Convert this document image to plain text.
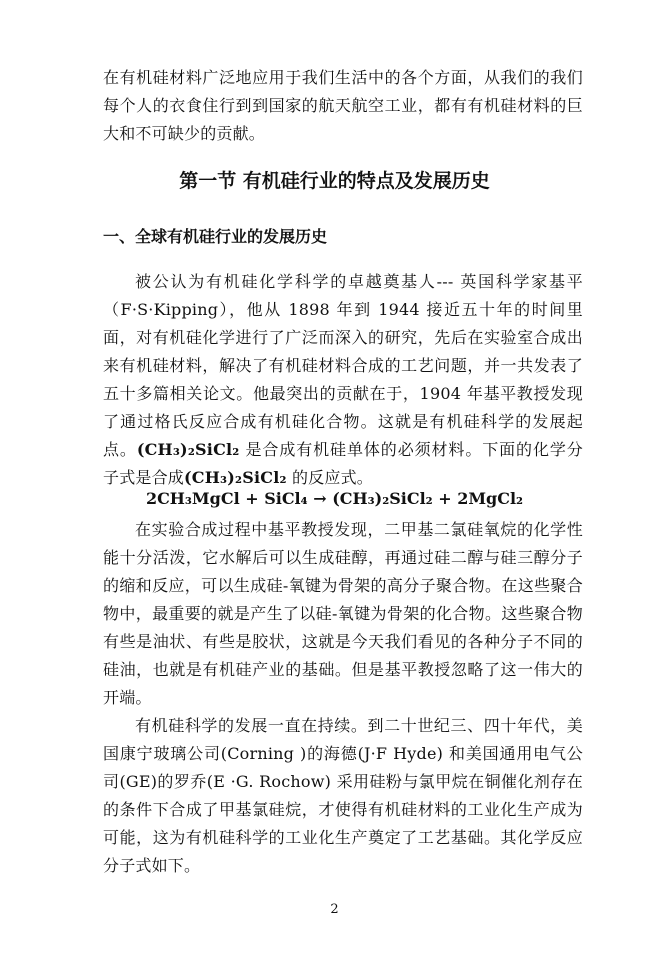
在有机硅材料广泛地应用于我们生活中的各个方面，从我们的我们每个人的衣食住行到到国家的航天航空工业，都有有机硅材料的巨大和不可缺少的贡献。

第一节 有机硅行业的特点及发展历史
一、全球有机硅行业的发展历史

被公认为有机硅化学科学的卓越奠基人--- 英国科学家基平（F·S·Kipping），他从 1898 年到 1944 接近五十年的时间里面，对有机硅化学进行了广泛而深入的研究，先后在实验室合成出来有机硅材料，解决了有机硅材料合成的工艺问题，并一共发表了五十多篇相关论文。他最突出的贡献在于，1904 年基平教授发现了通过格氏反应合成有机硅化合物。这就是有机硅科学的发展起点。(CH₃)₂SiCl₂ 是合成有机硅单体的必须材料。下面的化学分子式是合成(CH₃)₂SiCl₂ 的反应式。

2CH₃MgCl + SiCl₄ → (CH₃)₂SiCl₂ + 2MgCl₂

在实验合成过程中基平教授发现，二甲基二氯硅氧烷的化学性能十分活泼，它水解后可以生成硅醇，再通过硅二醇与硅三醇分子的缩和反应，可以生成硅-氧键为骨架的高分子聚合物。在这些聚合物中，最重要的就是产生了以硅-氧键为骨架的化合物。这些聚合物有些是油状、有些是胶状，这就是今天我们看见的各种分子不同的硅油，也就是有机硅产业的基础。但是基平教授忽略了这一伟大的开端。

有机硅科学的发展一直在持续。到二十世纪三、四十年代，美国康宁玻璃公司(Corning )的海德(J·F Hyde) 和美国通用电气公司(GE)的罗乔(E ·G. Rochow) 采用硅粉与氯甲烷在铜催化剂存在的条件下合成了甲基氯硅烷，才使得有机硅材料的工业化生产成为可能，这为有机硅科学的工业化生产奠定了工艺基础。其化学反应分子式如下。

2
